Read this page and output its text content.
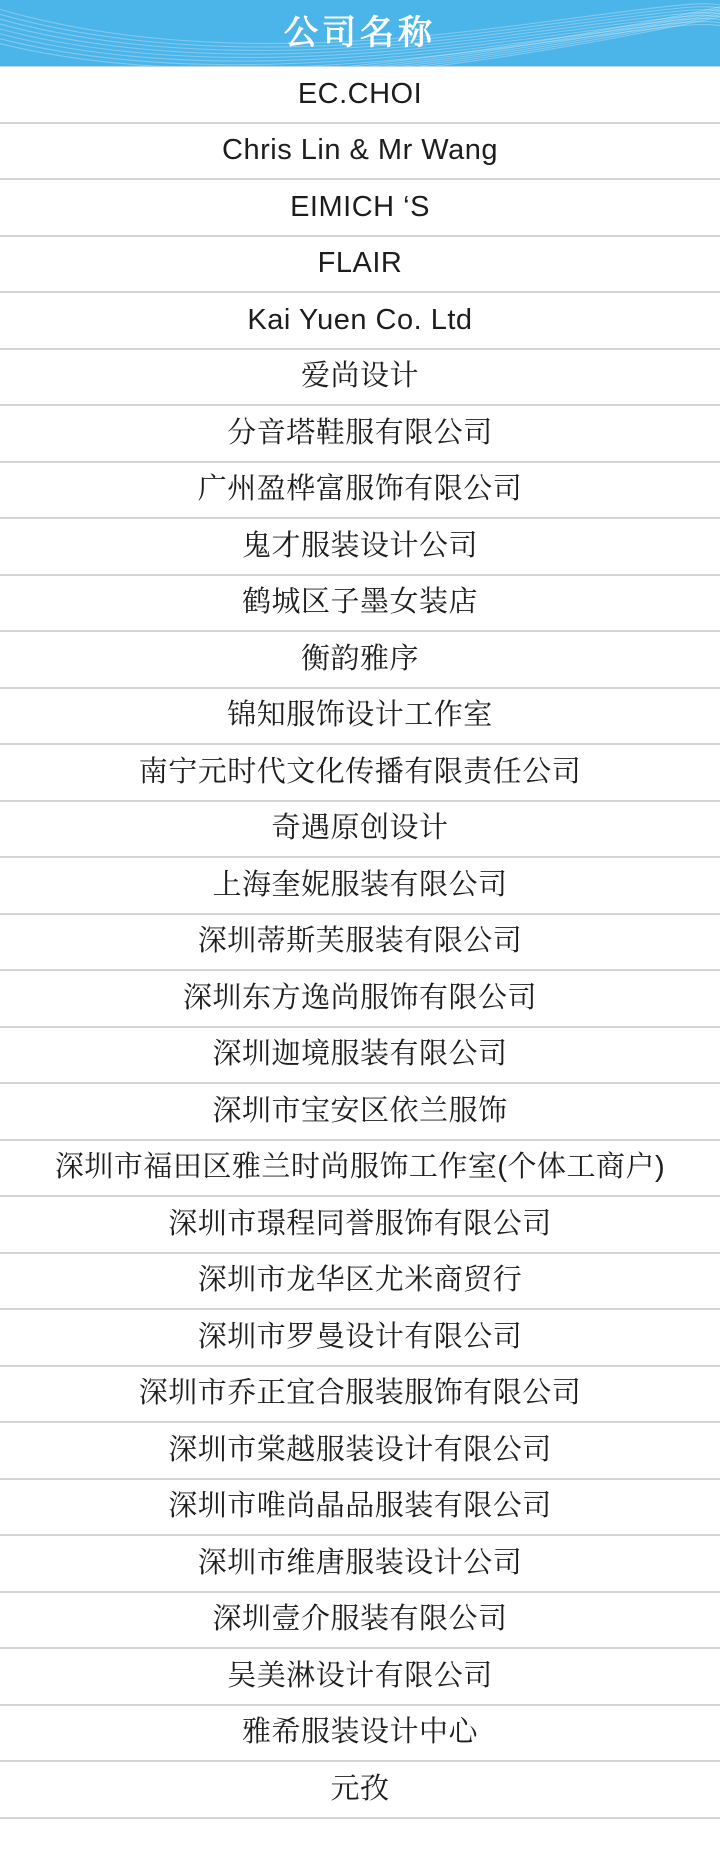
公司名称
EC.CHOI
Chris Lin & Mr Wang
EIMICH ‘S
FLAIR
Kai Yuen Co. Ltd
爱尚设计
分音塔鞋服有限公司
广州盈桦富服饰有限公司
鬼才服装设计公司
鹤城区子墨女装店
衡韵雅序
锦知服饰设计工作室
南宁元时代文化传播有限责任公司
奇遇原创设计
上海奎妮服装有限公司
深圳蒂斯芙服装有限公司
深圳东方逸尚服饰有限公司
深圳迦境服装有限公司
深圳市宝安区依兰服饰
深圳市福田区雅兰时尚服饰工作室(个体工商户)
深圳市璟程同誉服饰有限公司
深圳市龙华区尤米商贸行
深圳市罗曼设计有限公司
深圳市乔正宜合服装服饰有限公司
深圳市棠越服装设计有限公司
深圳市唯尚晶品服装有限公司
深圳市维唐服装设计公司
深圳壹介服装有限公司
吴美淋设计有限公司
雅希服装设计中心
元孜
